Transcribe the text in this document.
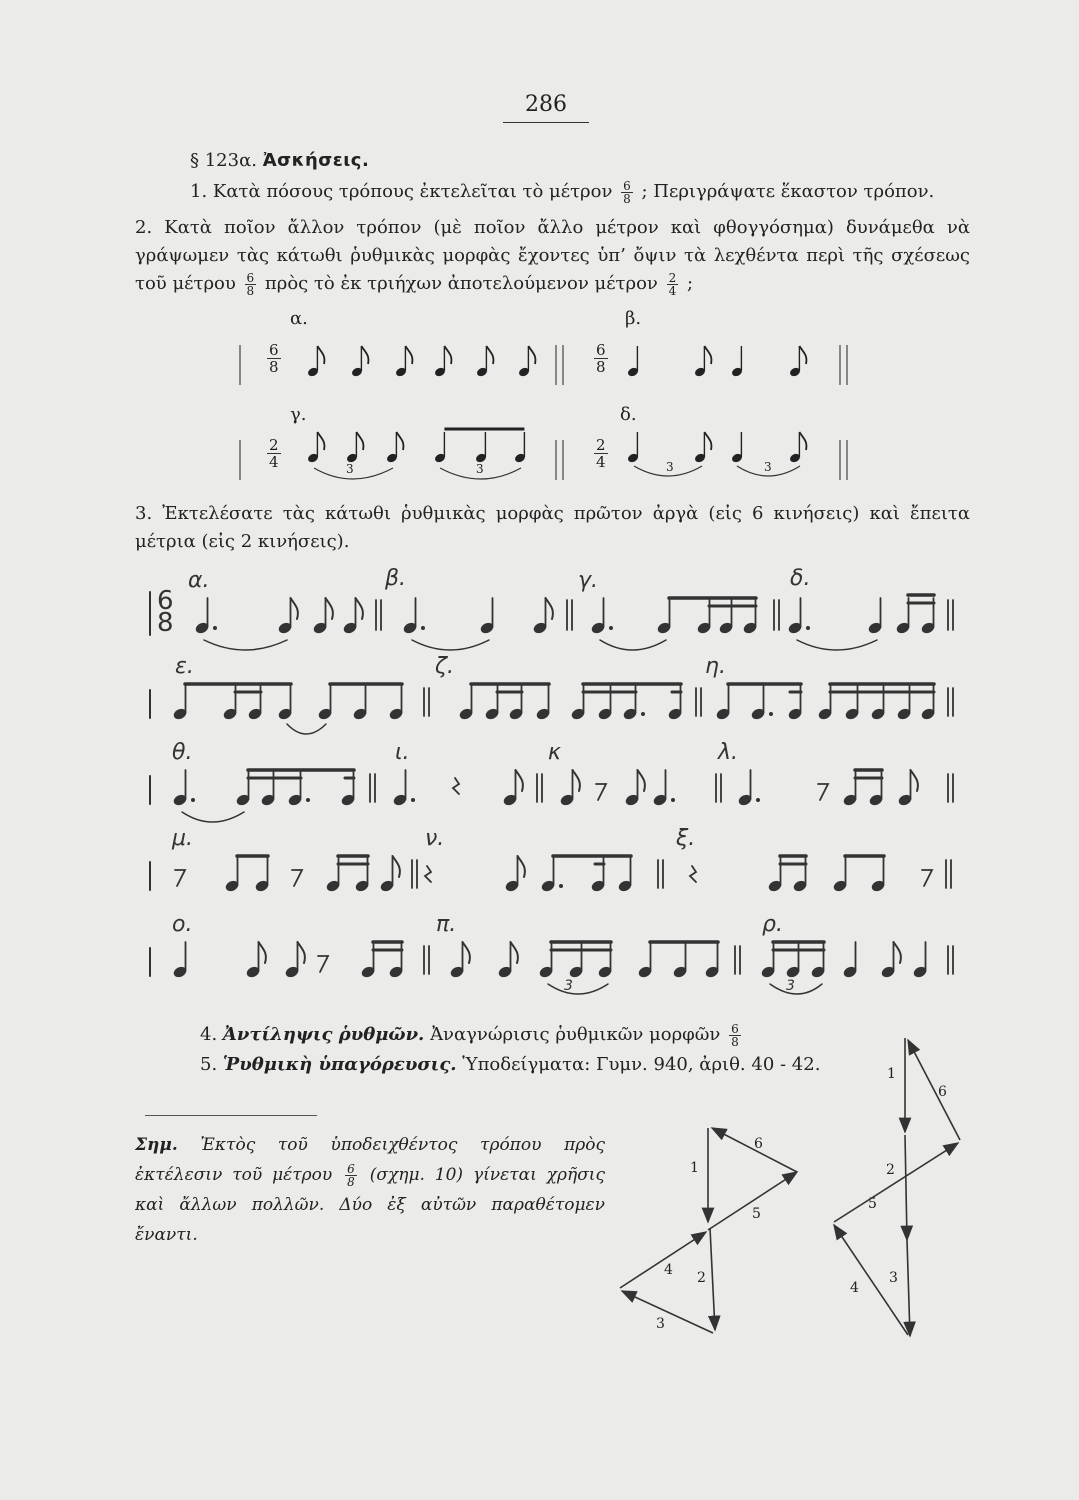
286
§ 123α. Ἀσκήσεις.
1. Κατὰ πόσους τρόπους ἐκτελεῖται τὸ μέτρον $\frac{6}{8}$ ; Περιγράψατε ἕκαστον τρόπον.
2. Κατὰ ποῖον ἄλλον τρόπον (μὲ ποῖον ἄλλο μέτρον καὶ φθογγόσημα) δυνάμεθα νὰ γράψωμεν τὰς κάτωθι ῥυθμικὰς μορφὰς ἔχοντες ὑπ’ ὄψιν τὰ λεχθέντα περὶ τῆς σχέσεως τοῦ μέτρου $\frac{6}{8}$ πρὸς τὸ ἐκ τριήχων ἀποτελούμενον μέτρον $\frac{2}{4}$ ;
α.	β.
γ.	δ.
$\frac{6}{8}$	$\frac{6}{8}$
$\frac{2}{4}$	$\frac{2}{4}$
3	3	3	3
3. Ἐκτελέσατε τὰς κάτωθι ῥυθμικὰς μορφὰς πρῶτον ἀργὰ (εἰς 6 κινήσεις) καὶ ἔπειτα μέτρια (εἰς 2 κινήσεις).
6
8
α.	β.	γ.	δ.
ε.	ζ.	η.
θ.	ι.	κ	λ.
μ.	ν.	ξ.
ο.	π.	ρ.
3	3
4. Ἀντίληψις ῥυθμῶν. Ἀναγνώρισις ῥυθμικῶν μορφῶν $\frac{6}{8}$
5. Ῥυθμικὴ ὑπαγόρευσις. Ὑποδείγματα: Γυμν. 940, ἀριθ. 40 - 42.
Σημ. Ἐκτὸς τοῦ ὑποδειχθέντος τρόπου πρὸς ἐκτέλεσιν τοῦ μέτρου $\frac{6}{8} (\sigma\chi\eta\mu$. 10) γίνεται χρῆσις καὶ ἄλλων πολλῶν. Δύο ἐξ αὐτῶν παραθέτομεν ἔναντι.
1
2
3
4
5
6
1
2
3
4
5
6
